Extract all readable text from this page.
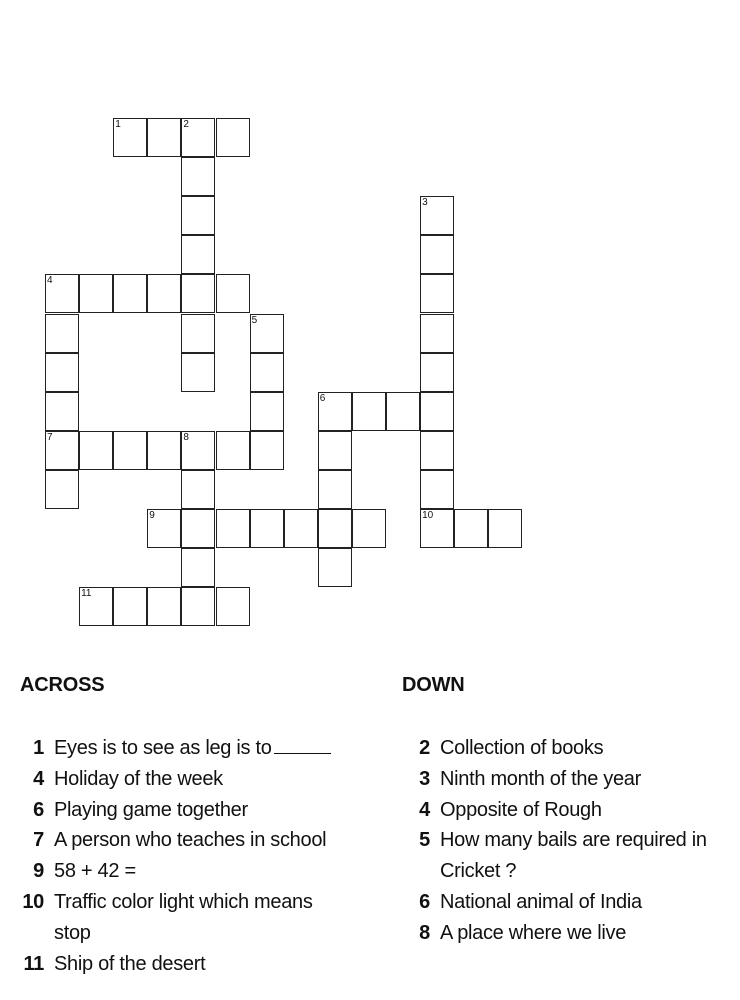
1	2
3
4
7
5
6
8
9	10
11
ACROSS	DOWN
1 Eyes is to see as leg is to
4 Holiday of the week
6 Playing game together
7 A person who teaches in school
9 58 + 42 =
10 Traffic color light which means stop
11 Ship of the desert
2 Collection of books
3 Ninth month of the year
4 Opposite of Rough
5 How many bails are required in Cricket ?
6 National animal of India
8 A place where we live
